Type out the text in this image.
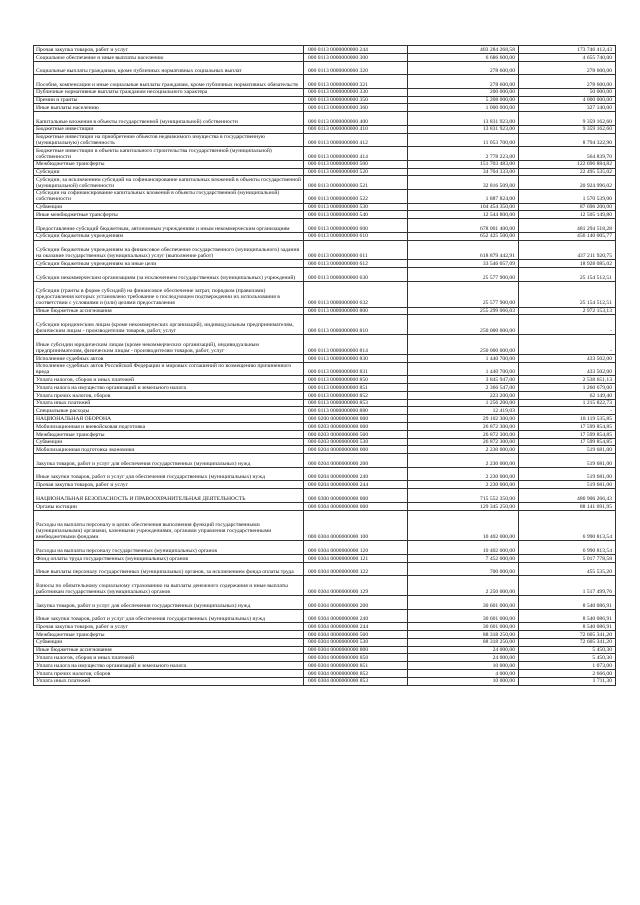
Прочая закупка товаров, работ и услуг	000 0113 0000000000 244	403 284 268,58	173 746 412,43
Социальное обеспечение и иные выплаты населению	000 0113 0000000000 300	6 686 600,00	4 655 740,00
Социальные выплаты гражданам, кроме публичных нормативных социальных выплат	000 0113 0000000000 320	278 600,00	278 600,00
Пособия, компенсации и иные социальные выплаты гражданам, кроме публичных нормативных обязательств	000 0113 0000000000 321	278 600,00	278 600,00
Публичные нормативные выплаты гражданам несоциального характера	000 0113 0000000000 330	200 000,00	50 000,00
Премии и гранты	000 0113 0000000000 350	5 208 000,00	4 000 000,00
Иные выплаты населению	000 0113 0000000000 360	1 000 000,00	327 140,00
Капитальные вложения в объекты государственной (муниципальной) собственности	000 0113 0000000000 400	13 831 923,00	9 359 162,60
Бюджетные инвестиции	000 0113 0000000000 410	13 831 923,00	9 359 162,60
Бюджетные инвестиции на приобретение объектов недвижимого имущества в государственную (муниципальную) собственность	000 0113 0000000000 412	11 053 700,00	8 794 322,90
Бюджетные инвестиции в объекты капитального строительства государственной (муниципальной) собственности	000 0113 0000000000 414	2 778 223,00	564 839,70
Межбюджетные трансферты	000 0113 0000000000 500	151 703 483,00	122 696 884,82
Субсидии	000 0113 0000000000 520	34 704 333,00	22 495 535,02
Субсидии, за исключением субсидий на софинансирование капитальных вложений в объекты государственной (муниципальной) собственности	000 0113 0000000000 521	32 816 509,00	20 924 996,02
Субсидии на софинансирование капитальных вложений в объекты государственной (муниципальной) собственности	000 0113 0000000000 522	1 887 824,00	1 570 539,00
Субвенции	000 0113 0000000000 530	104 454 350,00	87 696 200,00
Иные межбюджетные трансферты	000 0113 0000000000 540	12 544 800,00	12 505 149,80
Предоставление субсидий бюджетным, автономным учреждениям и иным некоммерческим организациям	000 0113 0000000000 600	678 001 400,00	481 294 518,28
Субсидии бюджетным учреждениям	000 0113 0000000000 610	652 425 500,00	456 140 005,77
Субсидии бюджетным учреждениям на финансовое обеспечение государственного (муниципального) задания на оказание государственных (муниципальных) услуг (выполнение работ)	000 0113 0000000000 611	618 879 442,91	437 211 920,75
Субсидии бюджетным учреждениям на иные цели	000 0113 0000000000 612	33 546 057,09	18 928 085,02
Субсидии некоммерческим организациям (за исключением государственных (муниципальных) учреждений)	000 0113 0000000000 630	25 577 900,00	25 154 512,51
Субсидии (гранты в форме субсидий) на финансовое обеспечение затрат, порядком (правилами) предоставления которых установлено требование о последующем подтверждении их использования в соответствии с условиями и (или) целями предоставления	000 0113 0000000000 632	25 577 900,00	25 154 512,51
Иные бюджетные ассигнования	000 0113 0000000000 800	255 299 066,03	2 972 153,13
Субсидии юридическим лицам (кроме некоммерческих организаций), индивидуальным предпринимателям, физическим лицам - производителям товаров, работ, услуг	000 0113 0000000000 810	250 000 000,00	-
Иные субсидии юридическим лицам (кроме некоммерческих организаций), индивидуальным предпринимателям, физическим лицам - производителям товаров, работ, услуг	000 0113 0000000000 814	250 000 000,00	-
Исполнение судебных актов	000 0113 0000000000 830	1 440 700,00	433 502,00
Исполнение судебных актов Российской Федерации и мировых соглашений по возмещению причиненного вреда	000 0113 0000000000 831	1 440 700,00	433 502,00
Уплата налогов, сборов и иных платежей	000 0113 0000000000 850	3 845 947,00	2 538 651,13
Уплата налога на имущество организаций и земельного налога	000 0113 0000000000 851	2 366 547,00	1 260 679,00
Уплата прочих налогов, сборов	000 0113 0000000000 852	223 200,00	62 149,40
Уплата иных платежей	000 0113 0000000000 853	1 256 200,00	1 215 822,73
Специальные расходы	000 0113 0000000000 880	12 419,03	-
НАЦИОНАЛЬНАЯ ОБОРОНА	000 0200 0000000000 000	29 102 300,00	18 119 535,85
Мобилизационная и вневойсковая подготовка	000 0203 0000000000 000	26 872 300,00	17 599 854,85
Межбюджетные трансферты	000 0203 0000000000 500	26 872 300,00	17 599 854,85
Субвенции	000 0203 0000000000 530	26 872 300,00	17 599 854,85
Мобилизационная подготовка экономики	000 0204 0000000000 000	2 230 000,00	519 681,00
Закупка товаров, работ и услуг для обеспечения государственных (муниципальных) нужд	000 0204 0000000000 200	2 230 000,00	519 681,00
Иные закупки товаров, работ и услуг для обеспечения государственных (муниципальных) нужд	000 0204 0000000000 240	2 230 000,00	519 681,00
Прочая закупка товаров, работ и услуг	000 0204 0000000000 244	2 230 000,00	519 681,00
НАЦИОНАЛЬНАЯ БЕЗОПАСНОСТЬ И ПРАВООХРАНИТЕЛЬНАЯ ДЕЯТЕЛЬНОСТЬ	000 0300 0000000000 000	715 552 350,00	486 906 266,43
Органы юстиции	000 0304 0000000000 000	129 345 250,00	88 141 691,95
Расходы на выплаты персоналу в целях обеспечения выполнения функций государственными (муниципальными) органами, казенными учреждениями, органами управления государственными внебюджетными фондами	000 0304 0000000000 100	10 402 000,00	6 990 813,54
Расходы на выплаты персоналу государственных (муниципальных) органов	000 0304 0000000000 120	10 402 000,00	6 990 813,54
Фонд оплаты труда государственных (муниципальных) органов	000 0304 0000000000 121	7 452 000,00	5 017 778,58
Иные выплаты персоналу государственных (муниципальных) органов, за исключением фонда оплаты труда	000 0304 0000000000 122	700 000,00	455 535,20
Взносы по обязательному социальному страхованию на выплаты денежного содержания и иные выплаты работникам государственных (муниципальных) органов	000 0304 0000000000 129	2 250 000,00	1 517 499,76
Закупка товаров, работ и услуг для обеспечения государственных (муниципальных) нужд	000 0304 0000000000 200	30 601 000,00	8 540 086,91
Иные закупки товаров, работ и услуг для обеспечения государственных (муниципальных) нужд	000 0304 0000000000 240	30 601 000,00	8 540 086,91
Прочая закупка товаров, работ и услуг	000 0304 0000000000 244	30 601 000,00	8 540 086,91
Межбюджетные трансферты	000 0304 0000000000 500	88 318 250,00	72 605 341,20
Субвенции	000 0304 0000000000 530	88 318 250,00	72 605 341,20
Иные бюджетные ассигнования	000 0304 0000000000 800	24 000,00	5 450,30
Уплата налогов, сборов и иных платежей	000 0304 0000000000 850	24 000,00	5 450,30
Уплата налога на имущество организаций и земельного налога	000 0304 0000000000 851	10 000,00	1 073,00
Уплата прочих налогов, сборов	000 0304 0000000000 852	4 000,00	2 666,00
Уплата иных платежей	000 0304 0000000000 853	10 000,00	1 711,30
